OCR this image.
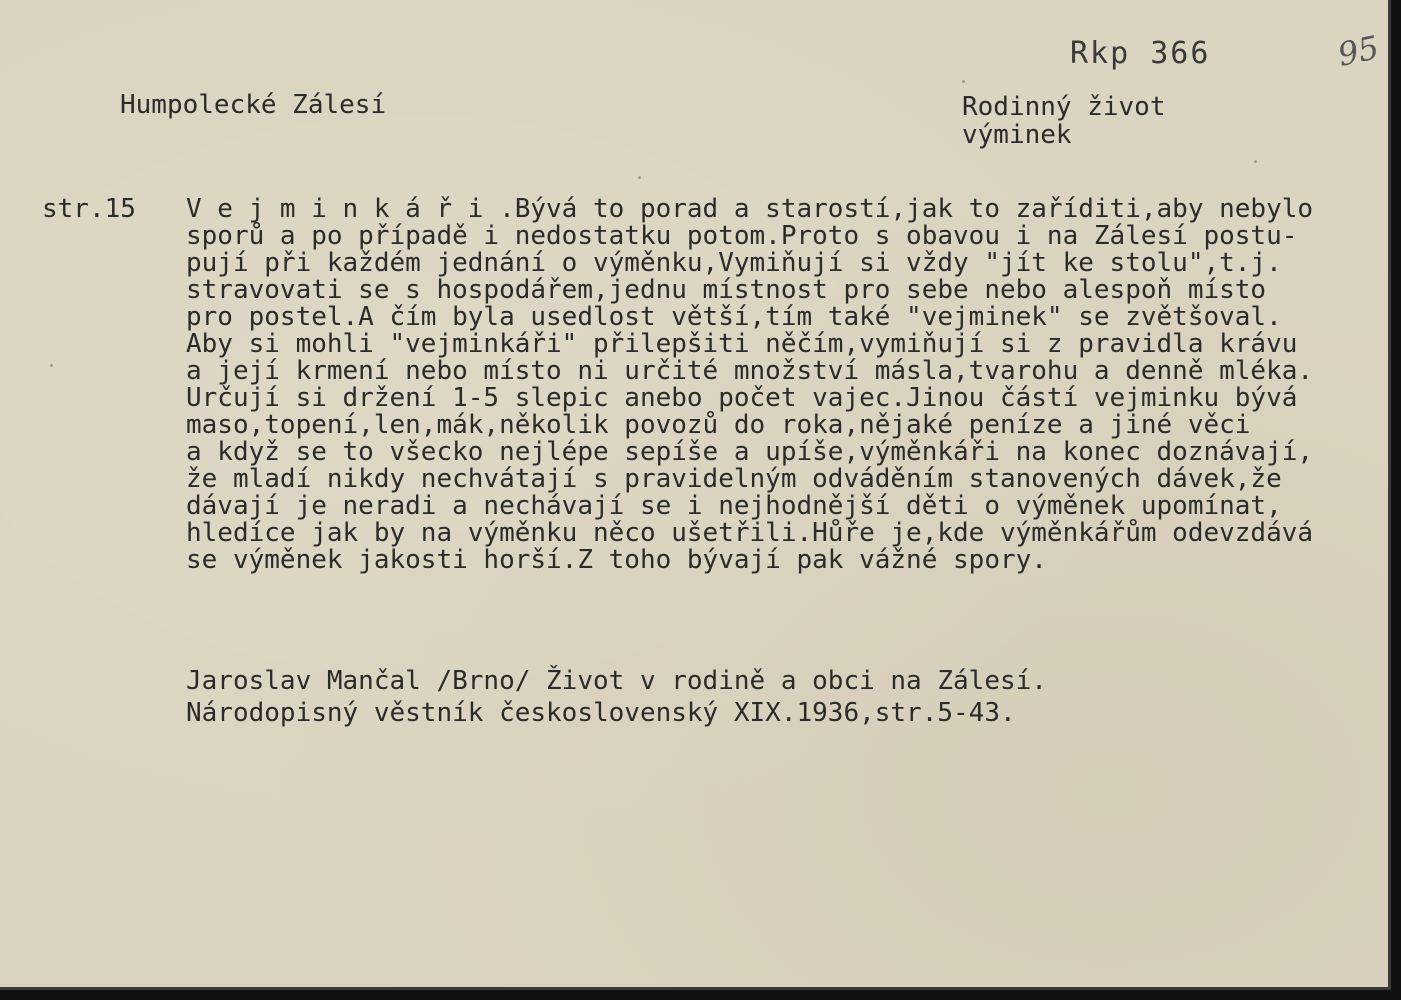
Rkp 366	95
Humpolecké Zálesí	Rodinný život
výminek
str.15 V e j m i n k á ř i .Bývá to porad a starostí,jak to zaříditi,aby nebylo
sporů a po případě i nedostatku potom.Proto s obavou i na Zálesí postu-
pují při každém jednání o výměnku,Vymiňují si vždy "jít ke stolu",t.j.
stravovati se s hospodářem,jednu místnost pro sebe nebo alespoň místo
pro postel.A čím byla usedlost větší,tím také "vejminek" se zvětšoval.
Aby si mohli "vejminkáři" přilepšiti něčím,vymiňují si z pravidla krávu
a její krmení nebo místo ni určité množství másla,tvarohu a denně mléka.
Určují si držení 1-5 slepic anebo počet vajec.Jinou částí vejminku bývá
maso,topení,len,mák,několik povozů do roka,nějaké peníze a jiné věci
a když se to všecko nejlépe sepíše a upíše,výměnkáři na konec doznávají,
že mladí nikdy nechvátají s pravidelným odváděním stanovených dávek,že
dávají je neradi a nechávají se i nejhodnější děti o výměnek upomínat,
hledíce jak by na výměnku něco ušetřili.Hůře je,kde výměnkářům odevzdává
se výměnek jakosti horší.Z toho bývají pak vážné spory.
Jaroslav Mančal /Brno/ Život v rodině a obci na Zálesí.
Národopisný věstník československý XIX.1936,str.5-43.
